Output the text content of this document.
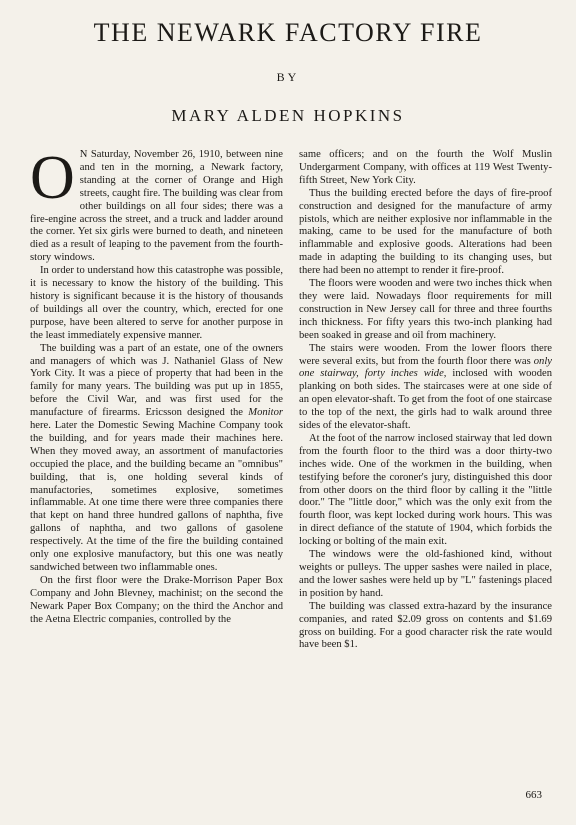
THE NEWARK FACTORY FIRE
BY
MARY ALDEN HOPKINS

O N Saturday, November 26, 1910, between nine and ten in the morning, a Newark factory, standing at the corner of Orange and High streets, caught fire. The building was clear from other buildings on all four sides; there was a fire-engine across the street, and a truck and ladder around the corner. Yet six girls were burned to death, and nineteen died as a result of leaping to the pavement from the fourth-story windows.

In order to understand how this catastrophe was possible, it is necessary to know the history of the building. This history is significant because it is the history of thousands of buildings all over the country, which, erected for one purpose, have been altered to serve for another purpose in the least immediately expensive manner.

The building was a part of an estate, one of the owners and managers of which was J. Nathaniel Glass of New York City. It was a piece of property that had been in the family for many years. The building was put up in 1855, before the Civil War, and was first used for the manufacture of firearms. Ericsson designed the Monitor here. Later the Domestic Sewing Machine Company took the building, and for years made their machines here. When they moved away, an assortment of manufactories occupied the place, and the building became an "omnibus" building, that is, one holding several kinds of manufactories, sometimes explosive, sometimes inflammable. At one time there were three companies there that kept on hand three hundred gallons of naphtha, five gallons of naphtha, and two gallons of gasolene respectively. At the time of the fire the building contained only one explosive manufactory, but this one was neatly sandwiched between two inflammable ones.

On the first floor were the Drake-Morrison Paper Box Company and John Blevney, machinist; on the second the Newark Paper Box Company; on the third the Anchor and the Aetna Electric companies, controlled by the

same officers; and on the fourth the Wolf Muslin Undergarment Company, with offices at 119 West Twenty-fifth Street, New York City.

Thus the building erected before the days of fire-proof construction and designed for the manufacture of army pistols, which are neither explosive nor inflammable in the making, came to be used for the manufacture of both inflammable and explosive goods. Alterations had been made in adapting the building to its changing uses, but there had been no attempt to render it fire-proof.

The floors were wooden and were two inches thick when they were laid. Nowadays floor requirements for mill construction in New Jersey call for three and three fourths inch thickness. For fifty years this two-inch planking had been soaked in grease and oil from machinery.

The stairs were wooden. From the lower floors there were several exits, but from the fourth floor there was only one stairway, forty inches wide, inclosed with wooden planking on both sides. The staircases were at one side of an open elevator-shaft. To get from the foot of one staircase to the top of the next, the girls had to walk around three sides of the elevator-shaft.

At the foot of the narrow inclosed stairway that led down from the fourth floor to the third was a door thirty-two inches wide. One of the workmen in the building, when testifying before the coroner's jury, distinguished this door from other doors on the third floor by calling it the "little door." The "little door," which was the only exit from the fourth floor, was kept locked during work hours. This was in direct defiance of the statute of 1904, which forbids the locking or bolting of the main exit.

The windows were the old-fashioned kind, without weights or pulleys. The upper sashes were nailed in place, and the lower sashes were held up by "L" fastenings placed in position by hand.

The building was classed extra-hazard by the insurance companies, and rated $2.09 gross on contents and $1.69 gross on building. For a good character risk the rate would have been $1.

663
